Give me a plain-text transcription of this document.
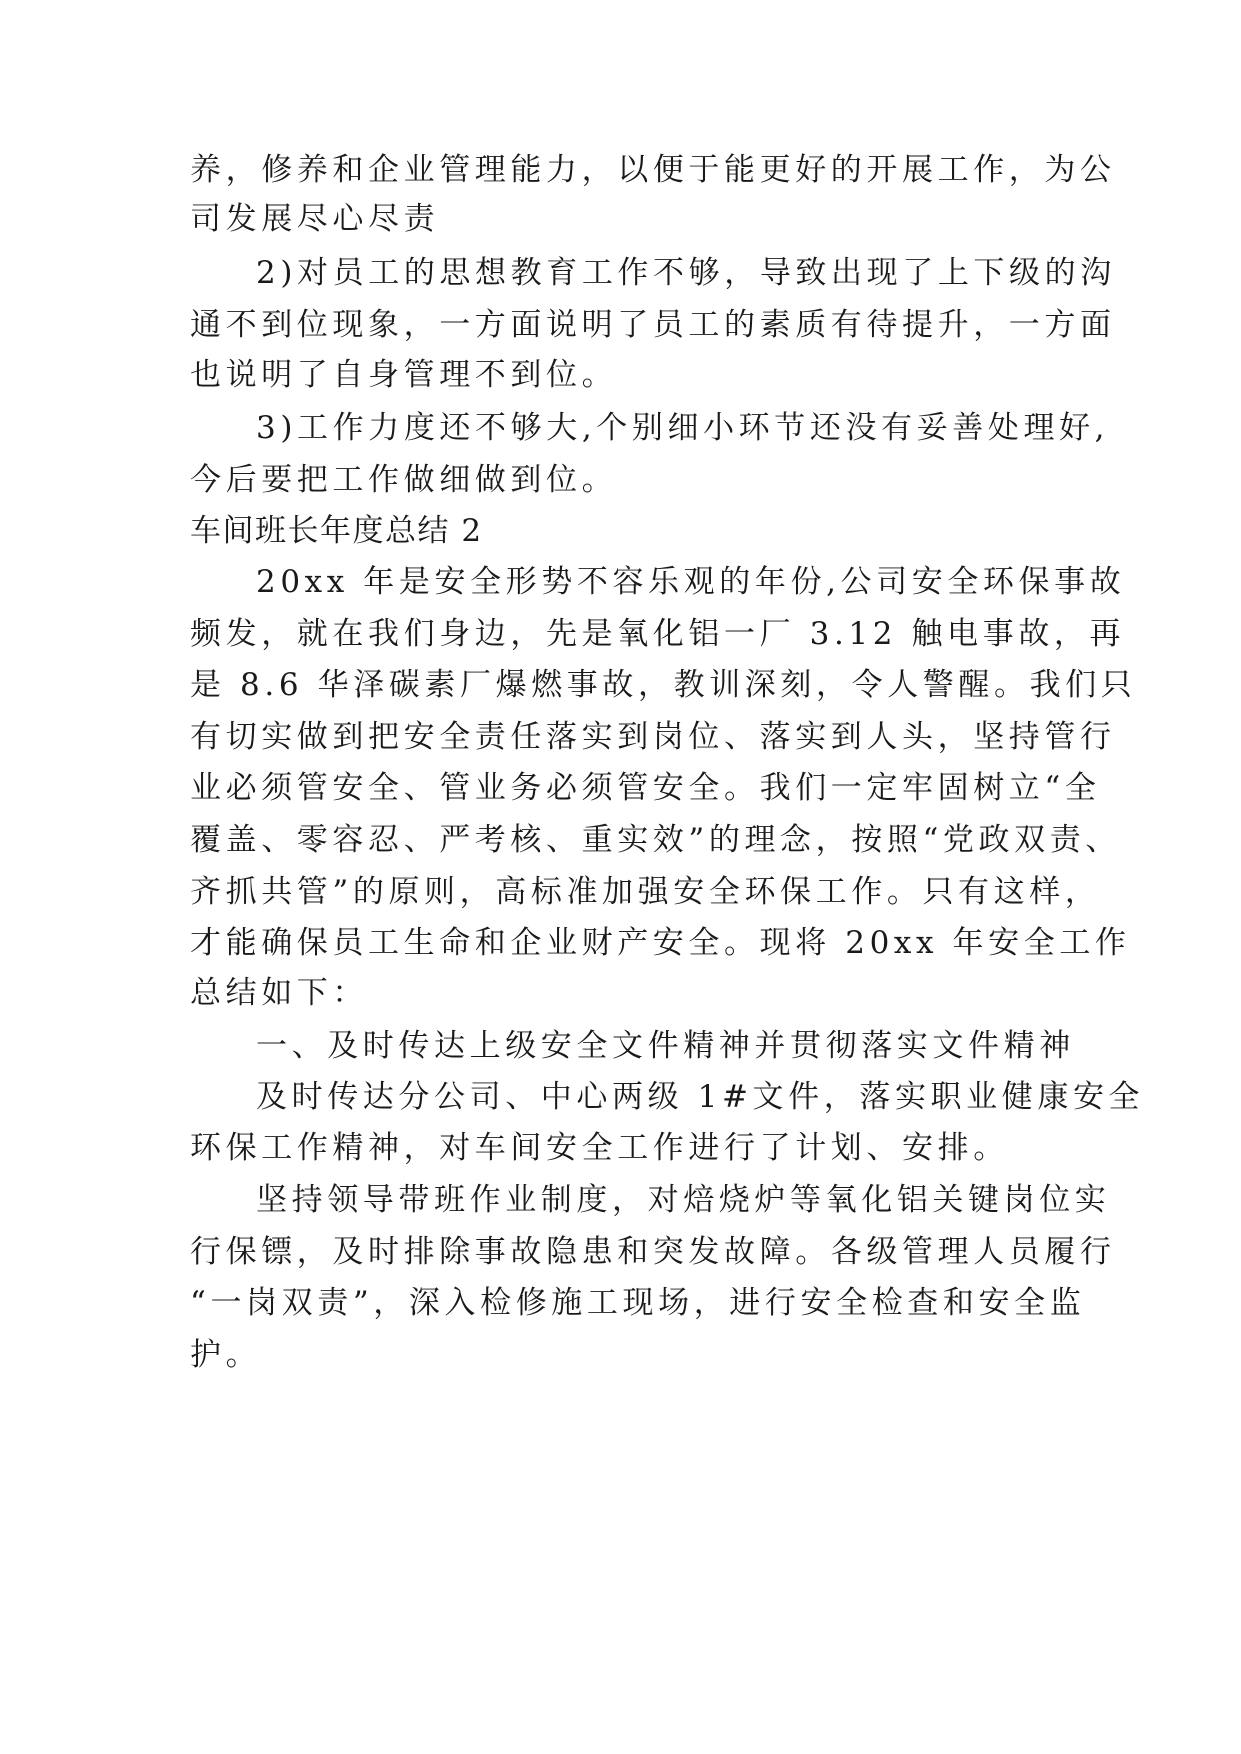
养，修养和企业管理能力，以便于能更好的开展工作，为公
司发展尽心尽责
2)对员工的思想教育工作不够，导致出现了上下级的沟
通不到位现象，一方面说明了员工的素质有待提升，一方面
也说明了自身管理不到位。
3)工作力度还不够大,个别细小环节还没有妥善处理好,
今后要把工作做细做到位。
车间班长年度总结 2
20xx 年是安全形势不容乐观的年份,公司安全环保事故
频发，就在我们身边，先是氧化铝一厂 3.12 触电事故，再
是 8.6 华泽碳素厂爆燃事故，教训深刻，令人警醒。我们只
有切实做到把安全责任落实到岗位、落实到人头，坚持管行
业必须管安全、管业务必须管安全。我们一定牢固树立“全
覆盖、零容忍、严考核、重实效”的理念，按照“党政双责、
齐抓共管”的原则，高标准加强安全环保工作。只有这样，
才能确保员工生命和企业财产安全。现将 20xx 年安全工作
总结如下：
一、及时传达上级安全文件精神并贯彻落实文件精神
及时传达分公司、中心两级 1#文件，落实职业健康安全
环保工作精神，对车间安全工作进行了计划、安排。
坚持领导带班作业制度，对焙烧炉等氧化铝关键岗位实
行保镖，及时排除事故隐患和突发故障。各级管理人员履行
“一岗双责”，深入检修施工现场，进行安全检查和安全监
护。
